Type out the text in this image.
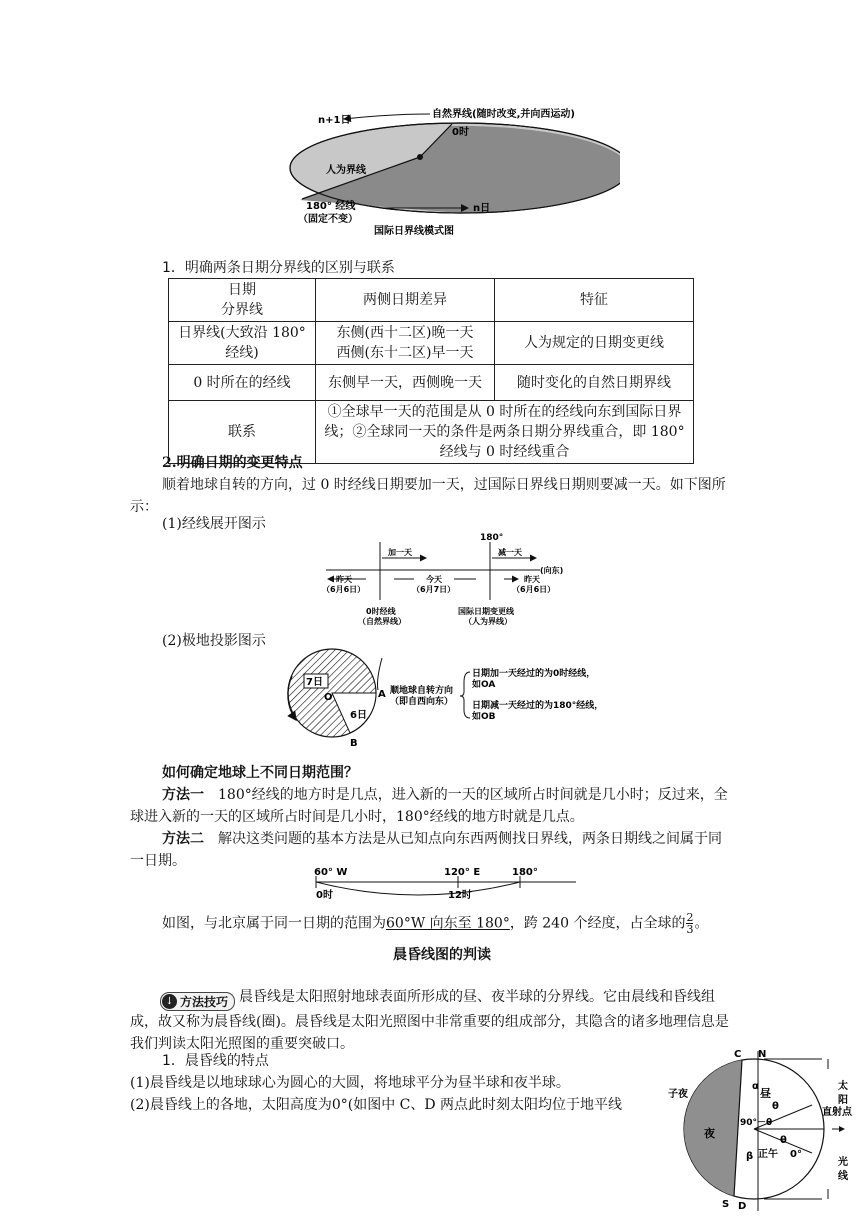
n+1日
自然界线(随时改变,并向西运动)
0时
人为界线
180° 经线
（固定不变）
n日
国际日界线模式图
1．明确两条日期分界线的区别与联系
日期
分界线	两侧日期差异	特征
日界线(大致沿 180°
经线)	东侧(西十二区)晚一天
西侧(东十二区)早一天	人为规定的日期变更线
0 时所在的经线	东侧早一天，西侧晚一天	随时变化的自然日期界线
联系	①全球早一天的范围是从 0 时所在的经线向东到国际日界线；②全球同一天的条件是两条日期分界线重合，即 180°经线与 0 时经线重合	
2.明确日期的变更特点
顺着地球自转的方向，过 0 时经线日期要加一天，过国际日界线日期则要减一天。如下图所示：
(1)经线展开图示
180°
加一天	减一天
(向东)
昨天
（6月6日）
今天
（6月7日）
昨天
（6月6日）
0时经线
（自然界线）
国际日期变更线
（人为界线）
(2)极地投影图示
7日
O
6日
A
B
顺地球自转方向
（即自西向东）
日期加一天经过的为0时经线，
如OA
日期减一天经过的为180°经线，
如OB
如何确定地球上不同日期范围？
方法一　 180°经线的地方时是几点，进入新的一天的区域所占时间就是几小时；反过来，全球进入新的一天的区域所占时间是几小时，180°经线的地方时就是几点。
方法二　 解决这类问题的基本方法是从已知点向东西两侧找日界线，两条日期线之间属于同一日期。
60° W	120° E	180°
0时	12时
如图，与北京属于同一日期的范围为60°W 向东至 180°，跨 240 个经度，占全球的 $\frac{2}{3}$ 。
晨昏线图的判读
↓ 方法技巧 晨昏线是太阳照射地球表面所形成的昼、夜半球的分界线。它由晨线和昏线组成，故又称为晨昏线(圈)。晨昏线是太阳光照图中非常重要的组成部分，其隐含的诸多地理信息是我们判读太阳光照图的重要突破口。
1．晨昏线的特点
(1)晨昏线是以地球球心为圆心的大圆，将地球平分为昼半球和夜半球。
(2)晨昏线上的各地，太阳高度为0°(如图中 C、D 两点此时刻太阳均位于地平线
C N
子夜
夜
昼
α
θ
90°－θ
θ
β 正午 0°
S D
太
阳
直射点
光
线
